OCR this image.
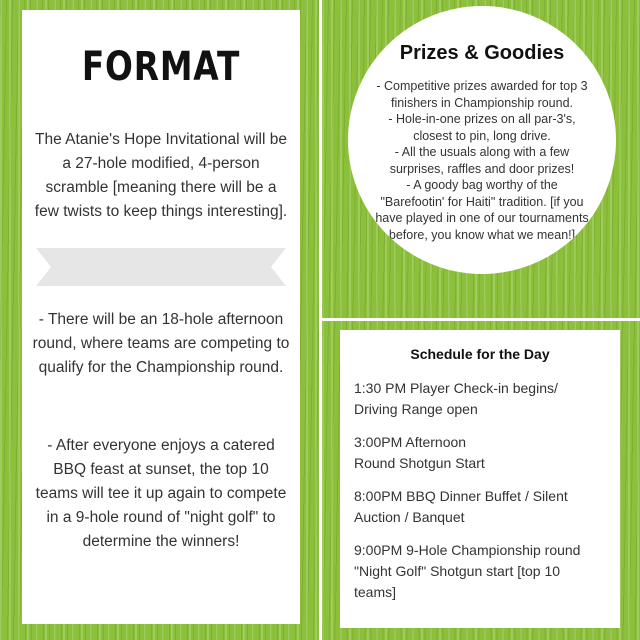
FORMAT
The Atanie's Hope Invitational will be a 27-hole modified, 4-person scramble [meaning there will be a few twists to keep things interesting].
- There will be an 18-hole afternoon round, where teams are competing to qualify for the Championship round.
- After everyone enjoys a catered BBQ feast at sunset, the top 10 teams will tee it up again to compete in a 9-hole round of "night golf" to determine the winners!
Prizes & Goodies
- Competitive prizes awarded for top 3
finishers in Championship round.
- Hole-in-one prizes on all par-3's,
closest to pin, long drive.
- All the usuals along with a few
surprises, raffles and door prizes!
- A goody bag worthy of the
"Barefootin' for Haiti" tradition. [if you
have played in one of our tournaments
before, you know what we mean!]
Schedule for the Day
1:30 PM Player Check-in begins/
Driving Range open
3:00PM Afternoon
Round Shotgun Start
8:00PM BBQ Dinner Buffet / Silent
Auction / Banquet
9:00PM 9-Hole Championship round
"Night Golf" Shotgun start [top 10
teams]
